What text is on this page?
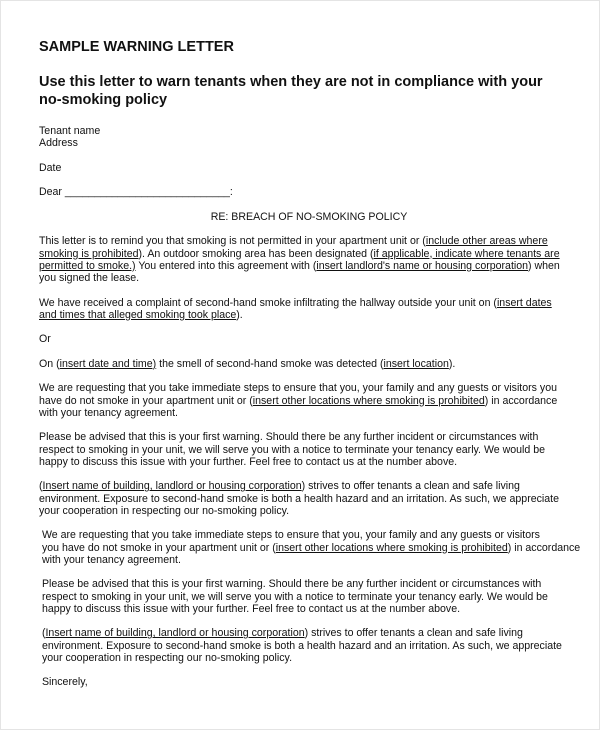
SAMPLE WARNING LETTER
Use this letter to warn tenants when they are not in compliance with your
no-smoking policy
Tenant name
Address
Date
Dear ____________________________:
RE: BREACH OF NO-SMOKING POLICY
This letter is to remind you that smoking is not permitted in your apartment unit or (include other areas where
smoking is prohibited). An outdoor smoking area has been designated (if applicable, indicate where tenants are
permitted to smoke.) You entered into this agreement with (insert landlord's name or housing corporation) when
you signed the lease.
We have received a complaint of second-hand smoke infiltrating the hallway outside your unit on (insert dates
and times that alleged smoking took place).
Or
On (insert date and time) the smell of second-hand smoke was detected (insert location).
We are requesting that you take immediate steps to ensure that you, your family and any guests or visitors you
have do not smoke in your apartment unit or (insert other locations where smoking is prohibited) in accordance
with your tenancy agreement.
Please be advised that this is your first warning. Should there be any further incident or circumstances with
respect to smoking in your unit, we will serve you with a notice to terminate your tenancy early. We would be
happy to discuss this issue with your further. Feel free to contact us at the number above.
(Insert name of building, landlord or housing corporation) strives to offer tenants a clean and safe living
environment. Exposure to second-hand smoke is both a health hazard and an irritation. As such, we appreciate
your cooperation in respecting our no-smoking policy.
We are requesting that you take immediate steps to ensure that you, your family and any guests or visitors
you have do not smoke in your apartment unit or (insert other locations where smoking is prohibited) in accordance
with your tenancy agreement.
Please be advised that this is your first warning. Should there be any further incident or circumstances with
respect to smoking in your unit, we will serve you with a notice to terminate your tenancy early. We would be
happy to discuss this issue with your further. Feel free to contact us at the number above.
(Insert name of building, landlord or housing corporation) strives to offer tenants a clean and safe living
environment. Exposure to second-hand smoke is both a health hazard and an irritation. As such, we appreciate
your cooperation in respecting our no-smoking policy.
Sincerely,
